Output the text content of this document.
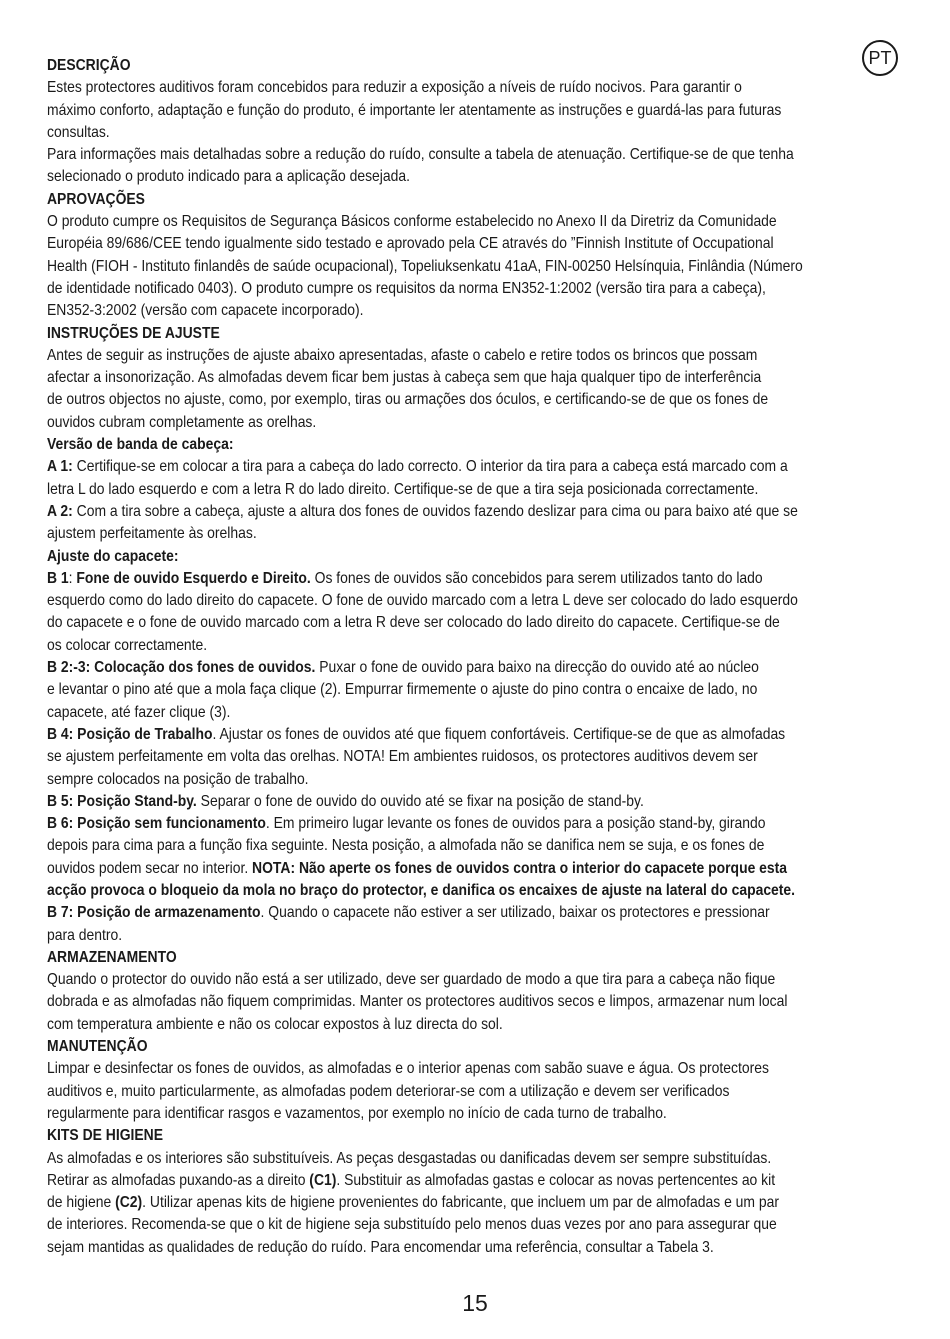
PT
DESCRIÇÃO
Estes protectores auditivos foram concebidos para reduzir a exposição a níveis de ruído nocivos. Para garantir o
máximo conforto, adaptação e função do produto, é importante ler atentamente as instruções e guardá-las para futuras
consultas.
Para informações mais detalhadas sobre a redução do ruído, consulte a tabela de atenuação. Certifique-se de que tenha
selecionado o produto indicado para a aplicação desejada.
APROVAÇÕES
O produto cumpre os Requisitos de Segurança Básicos conforme estabelecido no Anexo II da Diretriz da Comunidade
Européia 89/686/CEE tendo igualmente sido testado e aprovado pela CE através do ”Finnish Institute of Occupational
Health (FIOH - Instituto finlandês de saúde ocupacional), Topeliuksenkatu 41aA, FIN-00250 Helsínquia, Finlândia (Número
de identidade notificado 0403). O produto cumpre os requisitos da norma EN352-1:2002 (versão tira para a cabeça),
EN352-3:2002 (versão com capacete incorporado).
INSTRUÇÕES DE AJUSTE
Antes de seguir as instruções de ajuste abaixo apresentadas, afaste o cabelo e retire todos os brincos que possam
afectar a insonorização. As almofadas devem ficar bem justas à cabeça sem que haja qualquer tipo de interferência
de outros objectos no ajuste, como, por exemplo, tiras ou armações dos óculos, e certificando-se de que os fones de
ouvidos cubram completamente as orelhas.
Versão de banda de cabeça:
A 1: Certifique-se em colocar a tira para a cabeça do lado correcto. O interior da tira para a cabeça está marcado com a
letra L do lado esquerdo e com a letra R do lado direito. Certifique-se de que a tira seja posicionada correctamente.
A 2: Com a tira sobre a cabeça, ajuste a altura dos fones de ouvidos fazendo deslizar para cima ou para baixo até que se
ajustem perfeitamente às orelhas.
Ajuste do capacete:
B 1: Fone de ouvido Esquerdo e Direito. Os fones de ouvidos são concebidos para serem utilizados tanto do lado
esquerdo como do lado direito do capacete. O fone de ouvido marcado com a letra L deve ser colocado do lado esquerdo
do capacete e o fone de ouvido marcado com a letra R deve ser colocado do lado direito do capacete. Certifique-se de
os colocar correctamente.
B 2:-3: Colocação dos fones de ouvidos. Puxar o fone de ouvido para baixo na direcção do ouvido até ao núcleo
e levantar o pino até que a mola faça clique (2). Empurrar firmemente o ajuste do pino contra o encaixe de lado, no
capacete, até fazer clique (3).
B 4: Posição de Trabalho. Ajustar os fones de ouvidos até que fiquem confortáveis. Certifique-se de que as almofadas
se ajustem perfeitamente em volta das orelhas. NOTA! Em ambientes ruidosos, os protectores auditivos devem ser
sempre colocados na posição de trabalho.
B 5: Posição Stand-by. Separar o fone de ouvido do ouvido até se fixar na posição de stand-by.
B 6: Posição sem funcionamento. Em primeiro lugar levante os fones de ouvidos para a posição stand-by, girando
depois para cima para a função fixa seguinte. Nesta posição, a almofada não se danifica nem se suja, e os fones de
ouvidos podem secar no interior. NOTA: Não aperte os fones de ouvidos contra o interior do capacete porque esta
acção provoca o bloqueio da mola no braço do protector, e danifica os encaixes de ajuste na lateral do capacete.
B 7: Posição de armazenamento. Quando o capacete não estiver a ser utilizado, baixar os protectores e pressionar
para dentro.
ARMAZENAMENTO
Quando o protector do ouvido não está a ser utilizado, deve ser guardado de modo a que tira para a cabeça não fique
dobrada e as almofadas não fiquem comprimidas. Manter os protectores auditivos secos e limpos, armazenar num local
com temperatura ambiente e não os colocar expostos à luz directa do sol.
MANUTENÇÃO
Limpar e desinfectar os fones de ouvidos, as almofadas e o interior apenas com sabão suave e água. Os protectores
auditivos e, muito particularmente, as almofadas podem deteriorar-se com a utilização e devem ser verificados
regularmente para identificar rasgos e vazamentos, por exemplo no início de cada turno de trabalho.
KITS DE HIGIENE
As almofadas e os interiores são substituíveis. As peças desgastadas ou danificadas devem ser sempre substituídas.
Retirar as almofadas puxando-as a direito (C1). Substituir as almofadas gastas e colocar as novas pertencentes ao kit
de higiene (C2). Utilizar apenas kits de higiene provenientes do fabricante, que incluem um par de almofadas e um par
de interiores. Recomenda-se que o kit de higiene seja substituído pelo menos duas vezes por ano para assegurar que
sejam mantidas as qualidades de redução do ruído. Para encomendar uma referência, consultar a Tabela 3.
15
